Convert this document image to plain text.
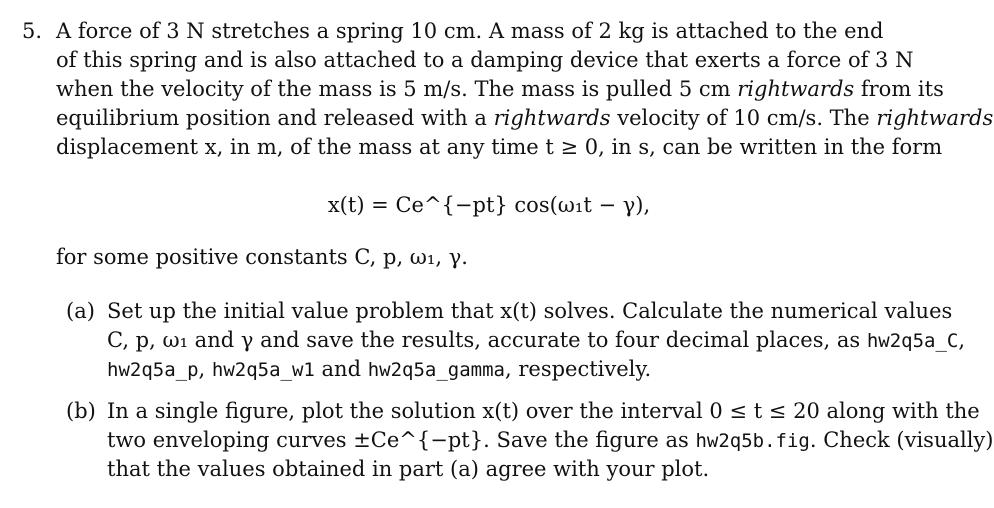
5. A force of 3 N stretches a spring 10 cm. A mass of 2 kg is attached to the end
of this spring and is also attached to a damping device that exerts a force of 3 N
when the velocity of the mass is 5 m/s. The mass is pulled 5 cm rightwards from its
equilibrium position and released with a rightwards velocity of 10 cm/s. The rightwards
displacement x, in m, of the mass at any time t ≥ 0, in s, can be written in the form
x(t) = Ce^{−pt} cos(ω₁t − γ),
for some positive constants C, p, ω₁, γ.
(a) Set up the initial value problem that x(t) solves. Calculate the numerical values
C, p, ω₁ and γ and save the results, accurate to four decimal places, as hw2q5a_C,
hw2q5a_p, hw2q5a_w1 and hw2q5a_gamma, respectively.
(b) In a single figure, plot the solution x(t) over the interval 0 ≤ t ≤ 20 along with the
two enveloping curves ±Ce^{−pt}. Save the figure as hw2q5b.fig. Check (visually)
that the values obtained in part (a) agree with your plot.
